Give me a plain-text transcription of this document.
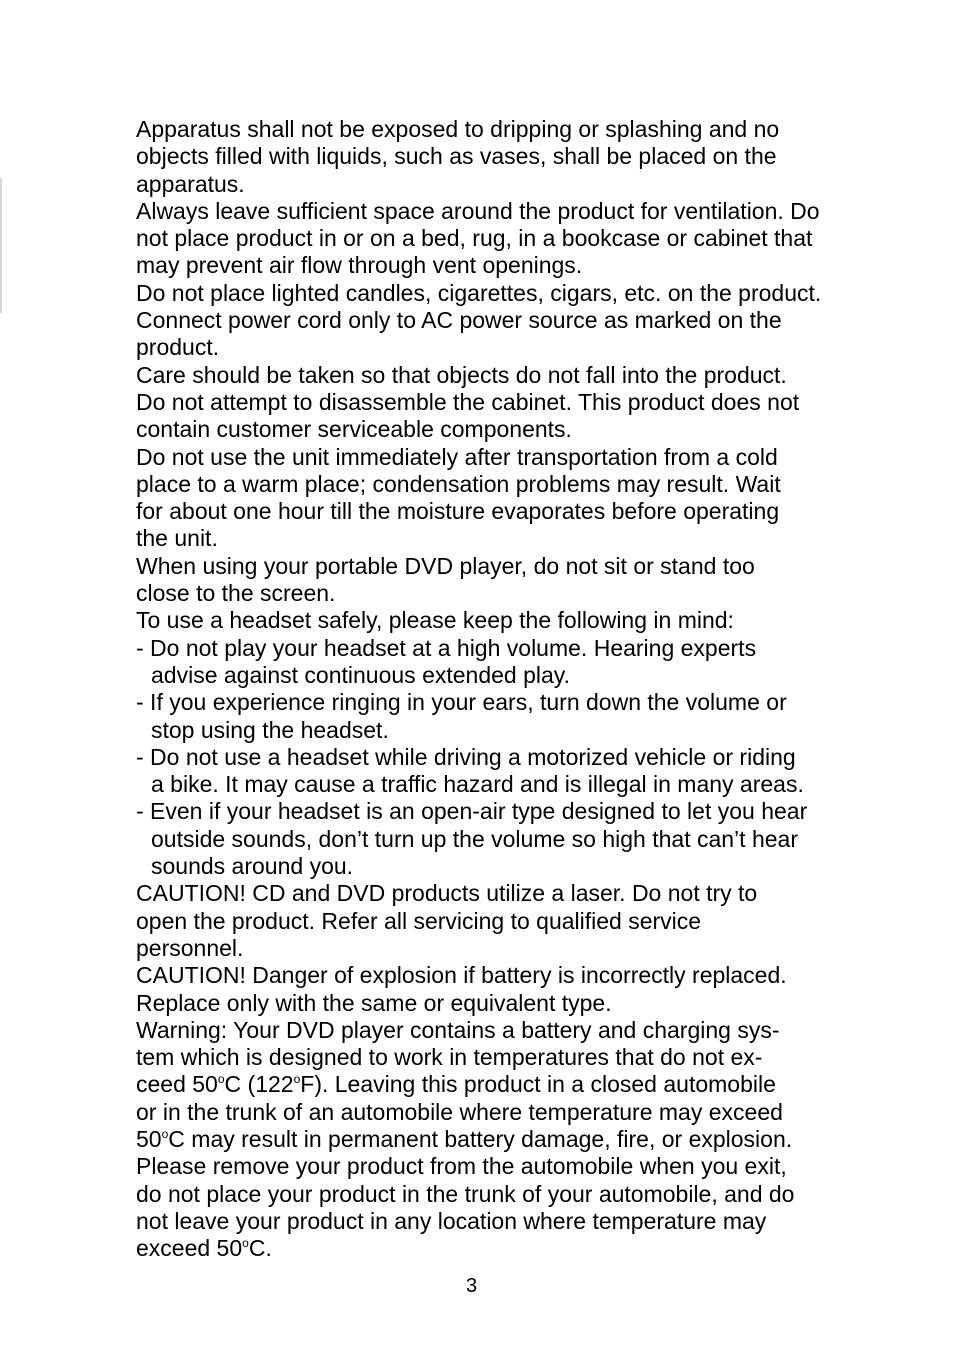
Apparatus shall not be exposed to dripping or splashing and no
objects filled with liquids, such as vases, shall be placed on the
apparatus.

Always leave sufficient space around the product for ventilation. Do
not place product in or on a bed, rug, in a bookcase or cabinet that
may prevent air flow through vent openings.

Do not place lighted candles, cigarettes, cigars, etc. on the product.

Connect power cord only to AC power source as marked on the
product.

Care should be taken so that objects do not fall into the product.

Do not attempt to disassemble the cabinet. This product does not
contain customer serviceable components.

Do not use the unit immediately after transportation from a cold
place to a warm place; condensation problems may result. Wait
for about one hour till the moisture evaporates before operating
the unit.

When using your portable DVD player, do not sit or stand too
close to the screen.

To use a headset safely, please keep the following in mind:

- Do not play your headset at a high volume. Hearing experts
advise against continuous extended play.
- If you experience ringing in your ears, turn down the volume or
stop using the headset.
- Do not use a headset while driving a motorized vehicle or riding
a bike. It may cause a traffic hazard and is illegal in many areas.
- Even if your headset is an open-air type designed to let you hear
outside sounds, don’t turn up the volume so high that can’t hear
sounds around you.

CAUTION! CD and DVD products utilize a laser. Do not try to
open the product. Refer all servicing to qualified service
personnel.

CAUTION! Danger of explosion if battery is incorrectly replaced.
Replace only with the same or equivalent type.

Warning: Your DVD player contains a battery and charging sys-
tem which is designed to work in temperatures that do not ex-
ceed 50$^o$C (122$^o$F). Leaving this product in a closed automobile
or in the trunk of an automobile where temperature may exceed
50$^o$C may result in permanent battery damage, fire, or explosion.
Please remove your product from the automobile when you exit,
do not place your product in the trunk of your automobile, and do
not leave your product in any location where temperature may
exceed 50$^o$C.

3
